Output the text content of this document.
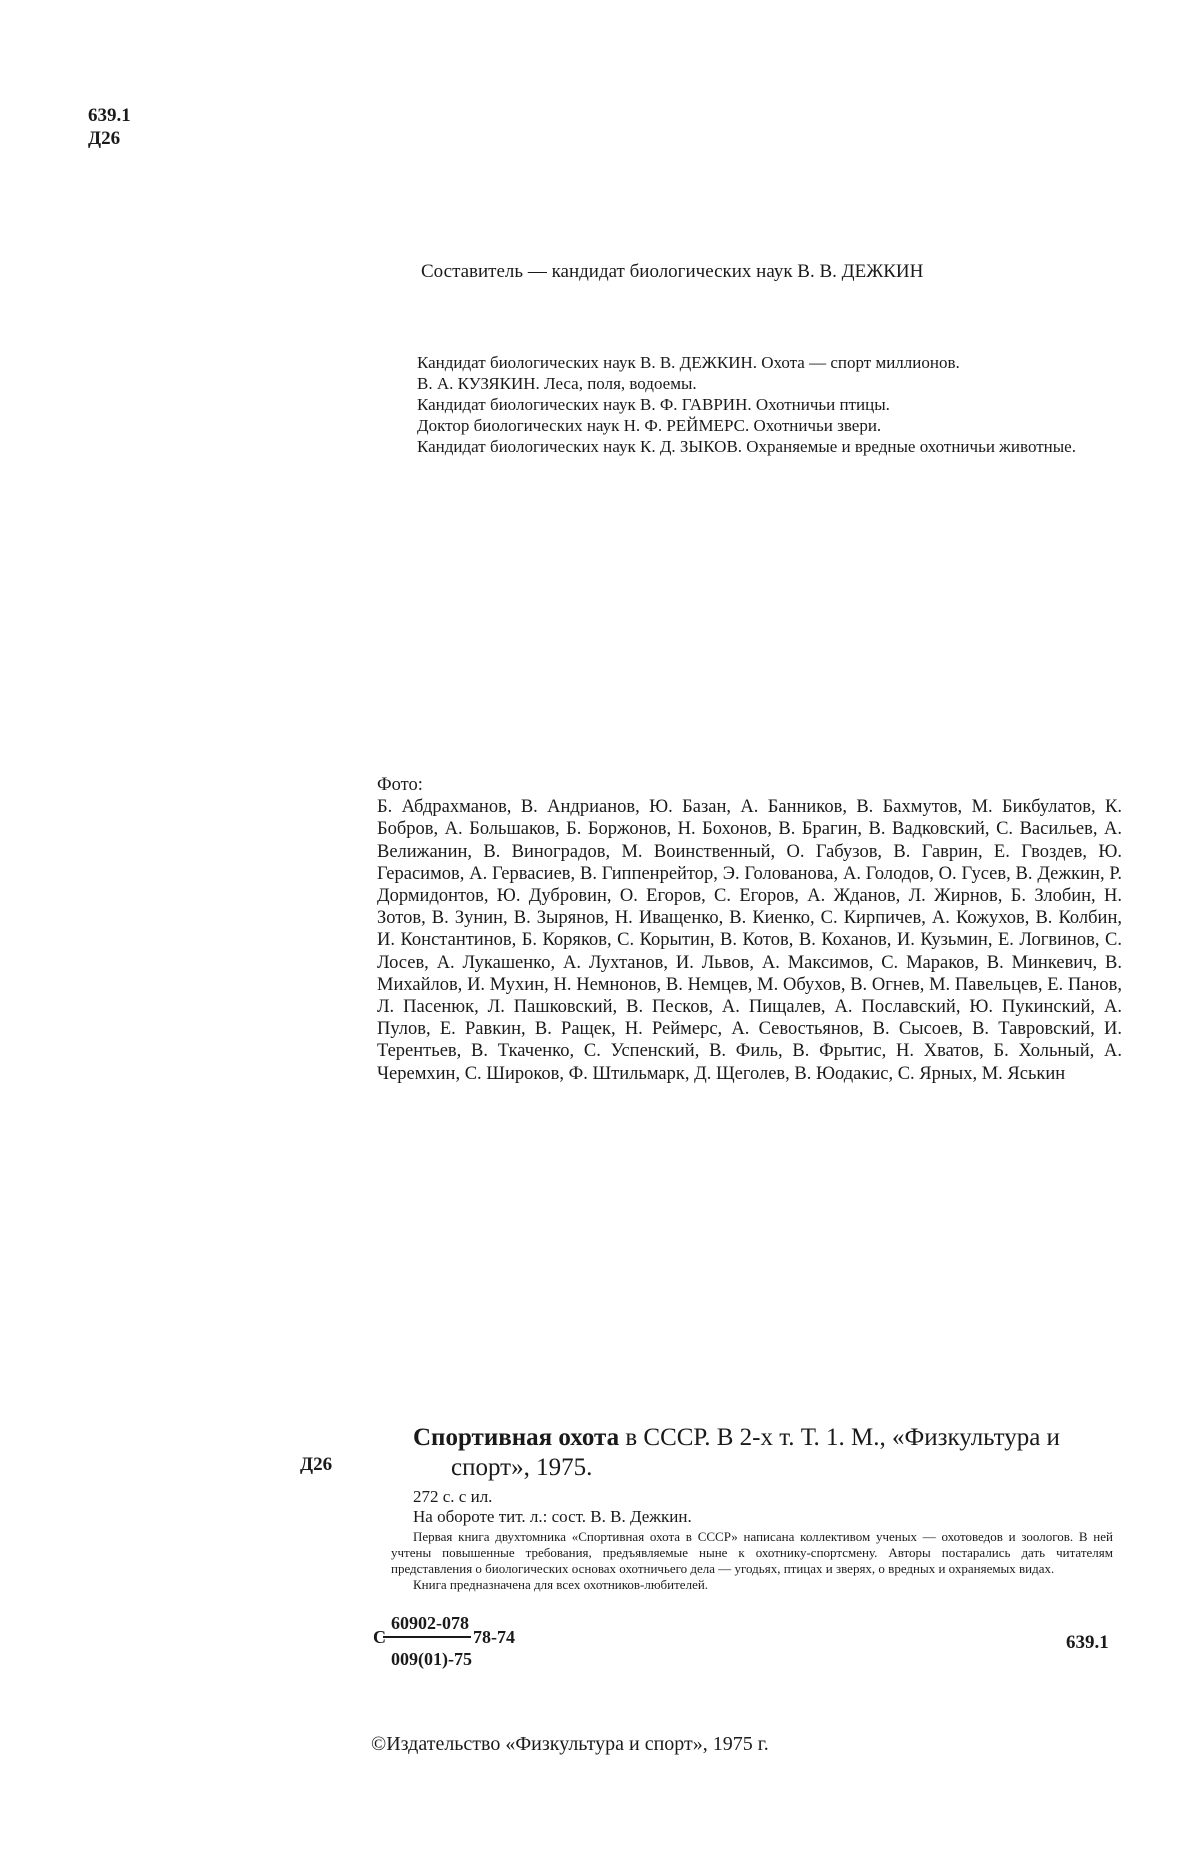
639.1
Д26
Составитель — кандидат биологических наук В. В. ДЕЖКИН

Кандидат биологических наук В. В. ДЕЖКИН. Охота — спорт миллионов.

В. А. КУЗЯКИН. Леса, поля, водоемы.

Кандидат биологических наук В. Ф. ГАВРИН. Охотничьи птицы.

Доктор биологических наук Н. Ф. РЕЙМЕРС. Охотничьи звери.

Кандидат биологических наук К. Д. ЗЫКОВ. Охраняемые и вредные охотничьи животные.

Фото:

Б. Абдрахманов, В. Андрианов, Ю. Базан, А. Банников, В. Бахмутов, М. Бикбулатов, К. Бобров, А. Большаков, Б. Боржонов, Н. Бохонов, В. Брагин, В. Вадковский, С. Васильев, А. Велижанин, В. Виноградов, М. Воинственный, О. Габузов, В. Гаврин, Е. Гвоздев, Ю. Герасимов, А. Гервасиев, В. Гиппенрейтор, Э. Голованова, А. Голодов, О. Гусев, В. Дежкин, Р. Дормидонтов, Ю. Дубровин, О. Егоров, С. Егоров, А. Жданов, Л. Жирнов, Б. Злобин, Н. Зотов, В. Зунин, В. Зырянов, Н. Иващенко, В. Киенко, С. Кирпичев, А. Кожухов, В. Колбин, И. Константинов, Б. Коряков, С. Корытин, В. Котов, В. Коханов, И. Кузьмин, Е. Логвинов, С. Лосев, А. Лукашенко, А. Лухтанов, И. Львов, А. Максимов, С. Мараков, В. Минкевич, В. Михайлов, И. Мухин, Н. Немнонов, В. Немцев, М. Обухов, В. Огнев, М. Павельцев, Е. Панов, Л. Пасенюк, Л. Пашковский, В. Песков, А. Пищалев, А. Пославский, Ю. Пукинский, А. Пулов, Е. Равкин, В. Ращек, Н. Реймерс, А. Севостьянов, В. Сысоев, В. Тавровский, И. Терентьев, В. Ткаченко, С. Успенский, В. Филь, В. Фрытис, Н. Хватов, Б. Хольный, А. Черемхин, С. Широков, Ф. Штильмарк, Д. Щеголев, В. Юодакис, С. Ярных, М. Яськин

Д26

Спортивная охота в СССР. В 2-х т. Т. 1. М., «Физкультура и спорт», 1975.

272 с. с ил.

На обороте тит. л.: сост. В. В. Дежкин.

Первая книга двухтомника «Спортивная охота в СССР» написана коллективом ученых — охотоведов и зоологов. В ней учтены повышенные требования, предъявляемые ныне к охотнику-спортсмену. Авторы постарались дать читателям представления о биологических основах охотничьего дела — угодьях, птицах и зверях, о вредных и охраняемых видах.

Книга предназначена для всех охотников-любителей.

60902-078
С	78-74
009(01)-75
639.1
©Издательство «Физкультура и спорт», 1975 г.
